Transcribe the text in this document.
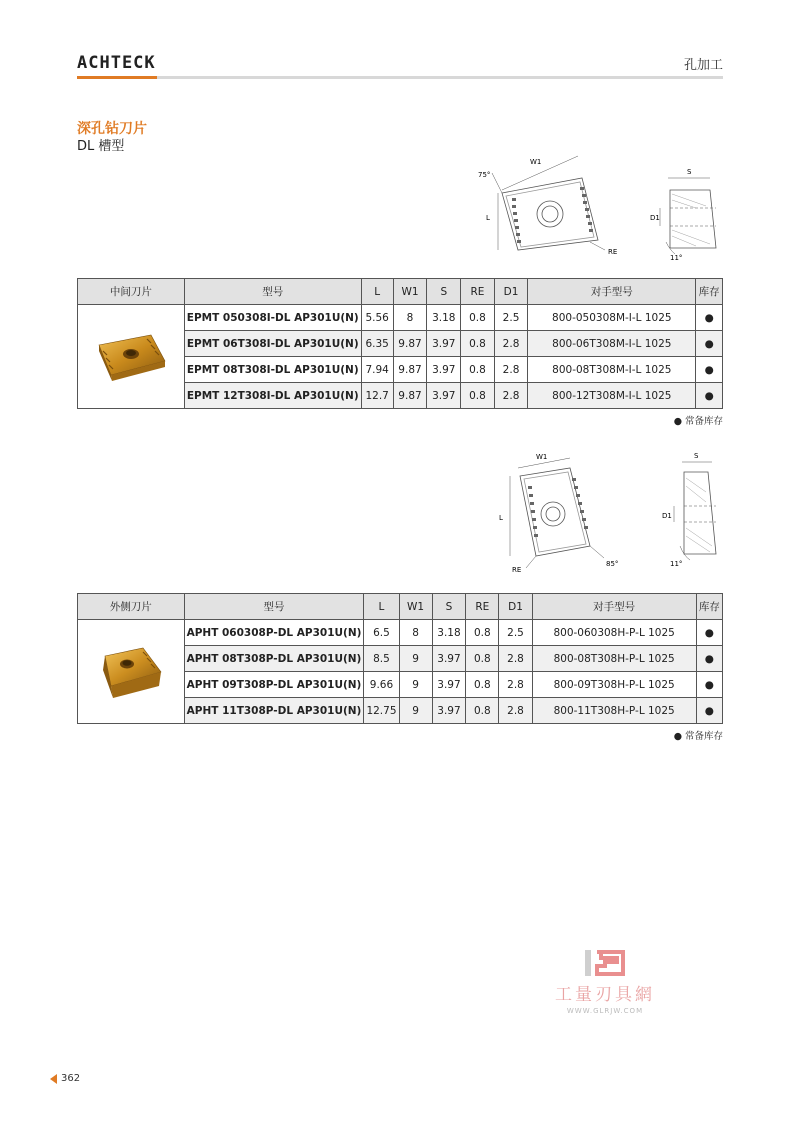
ACHTECK	孔加工
深孔钻刀片
DL 槽型
W1
L
75°
RE
S
D1
11°
中间刀片	型号	L	W1	S	RE	D1	对手型号	库存
	EPMT 050308I-DL AP301U(N)	5.56	8	3.18	0.8	2.5	800-050308M-I-L 1025	●
	EPMT 06T308I-DL AP301U(N)	6.35	9.87	3.97	0.8	2.8	800-06T308M-I-L 1025	●
	EPMT 08T308I-DL AP301U(N)	7.94	9.87	3.97	0.8	2.8	800-08T308M-I-L 1025	●
	EPMT 12T308I-DL AP301U(N)	12.7	9.87	3.97	0.8	2.8	800-12T308M-I-L 1025	●
● 常备库存
W1
L
RE
85°
S
D1
11°
外侧刀片	型号	L	W1	S	RE	D1	对手型号	库存
	APHT 060308P-DL AP301U(N)	6.5	8	3.18	0.8	2.5	800-060308H-P-L 1025	●
	APHT 08T308P-DL AP301U(N)	8.5	9	3.97	0.8	2.8	800-08T308H-P-L 1025	●
	APHT 09T308P-DL AP301U(N)	9.66	9	3.97	0.8	2.8	800-09T308H-P-L 1025	●
	APHT 11T308P-DL AP301U(N)	12.75	9	3.97	0.8	2.8	800-11T308H-P-L 1025	●
● 常备库存
工量刃具網
WWW.GLRJW.COM
362
